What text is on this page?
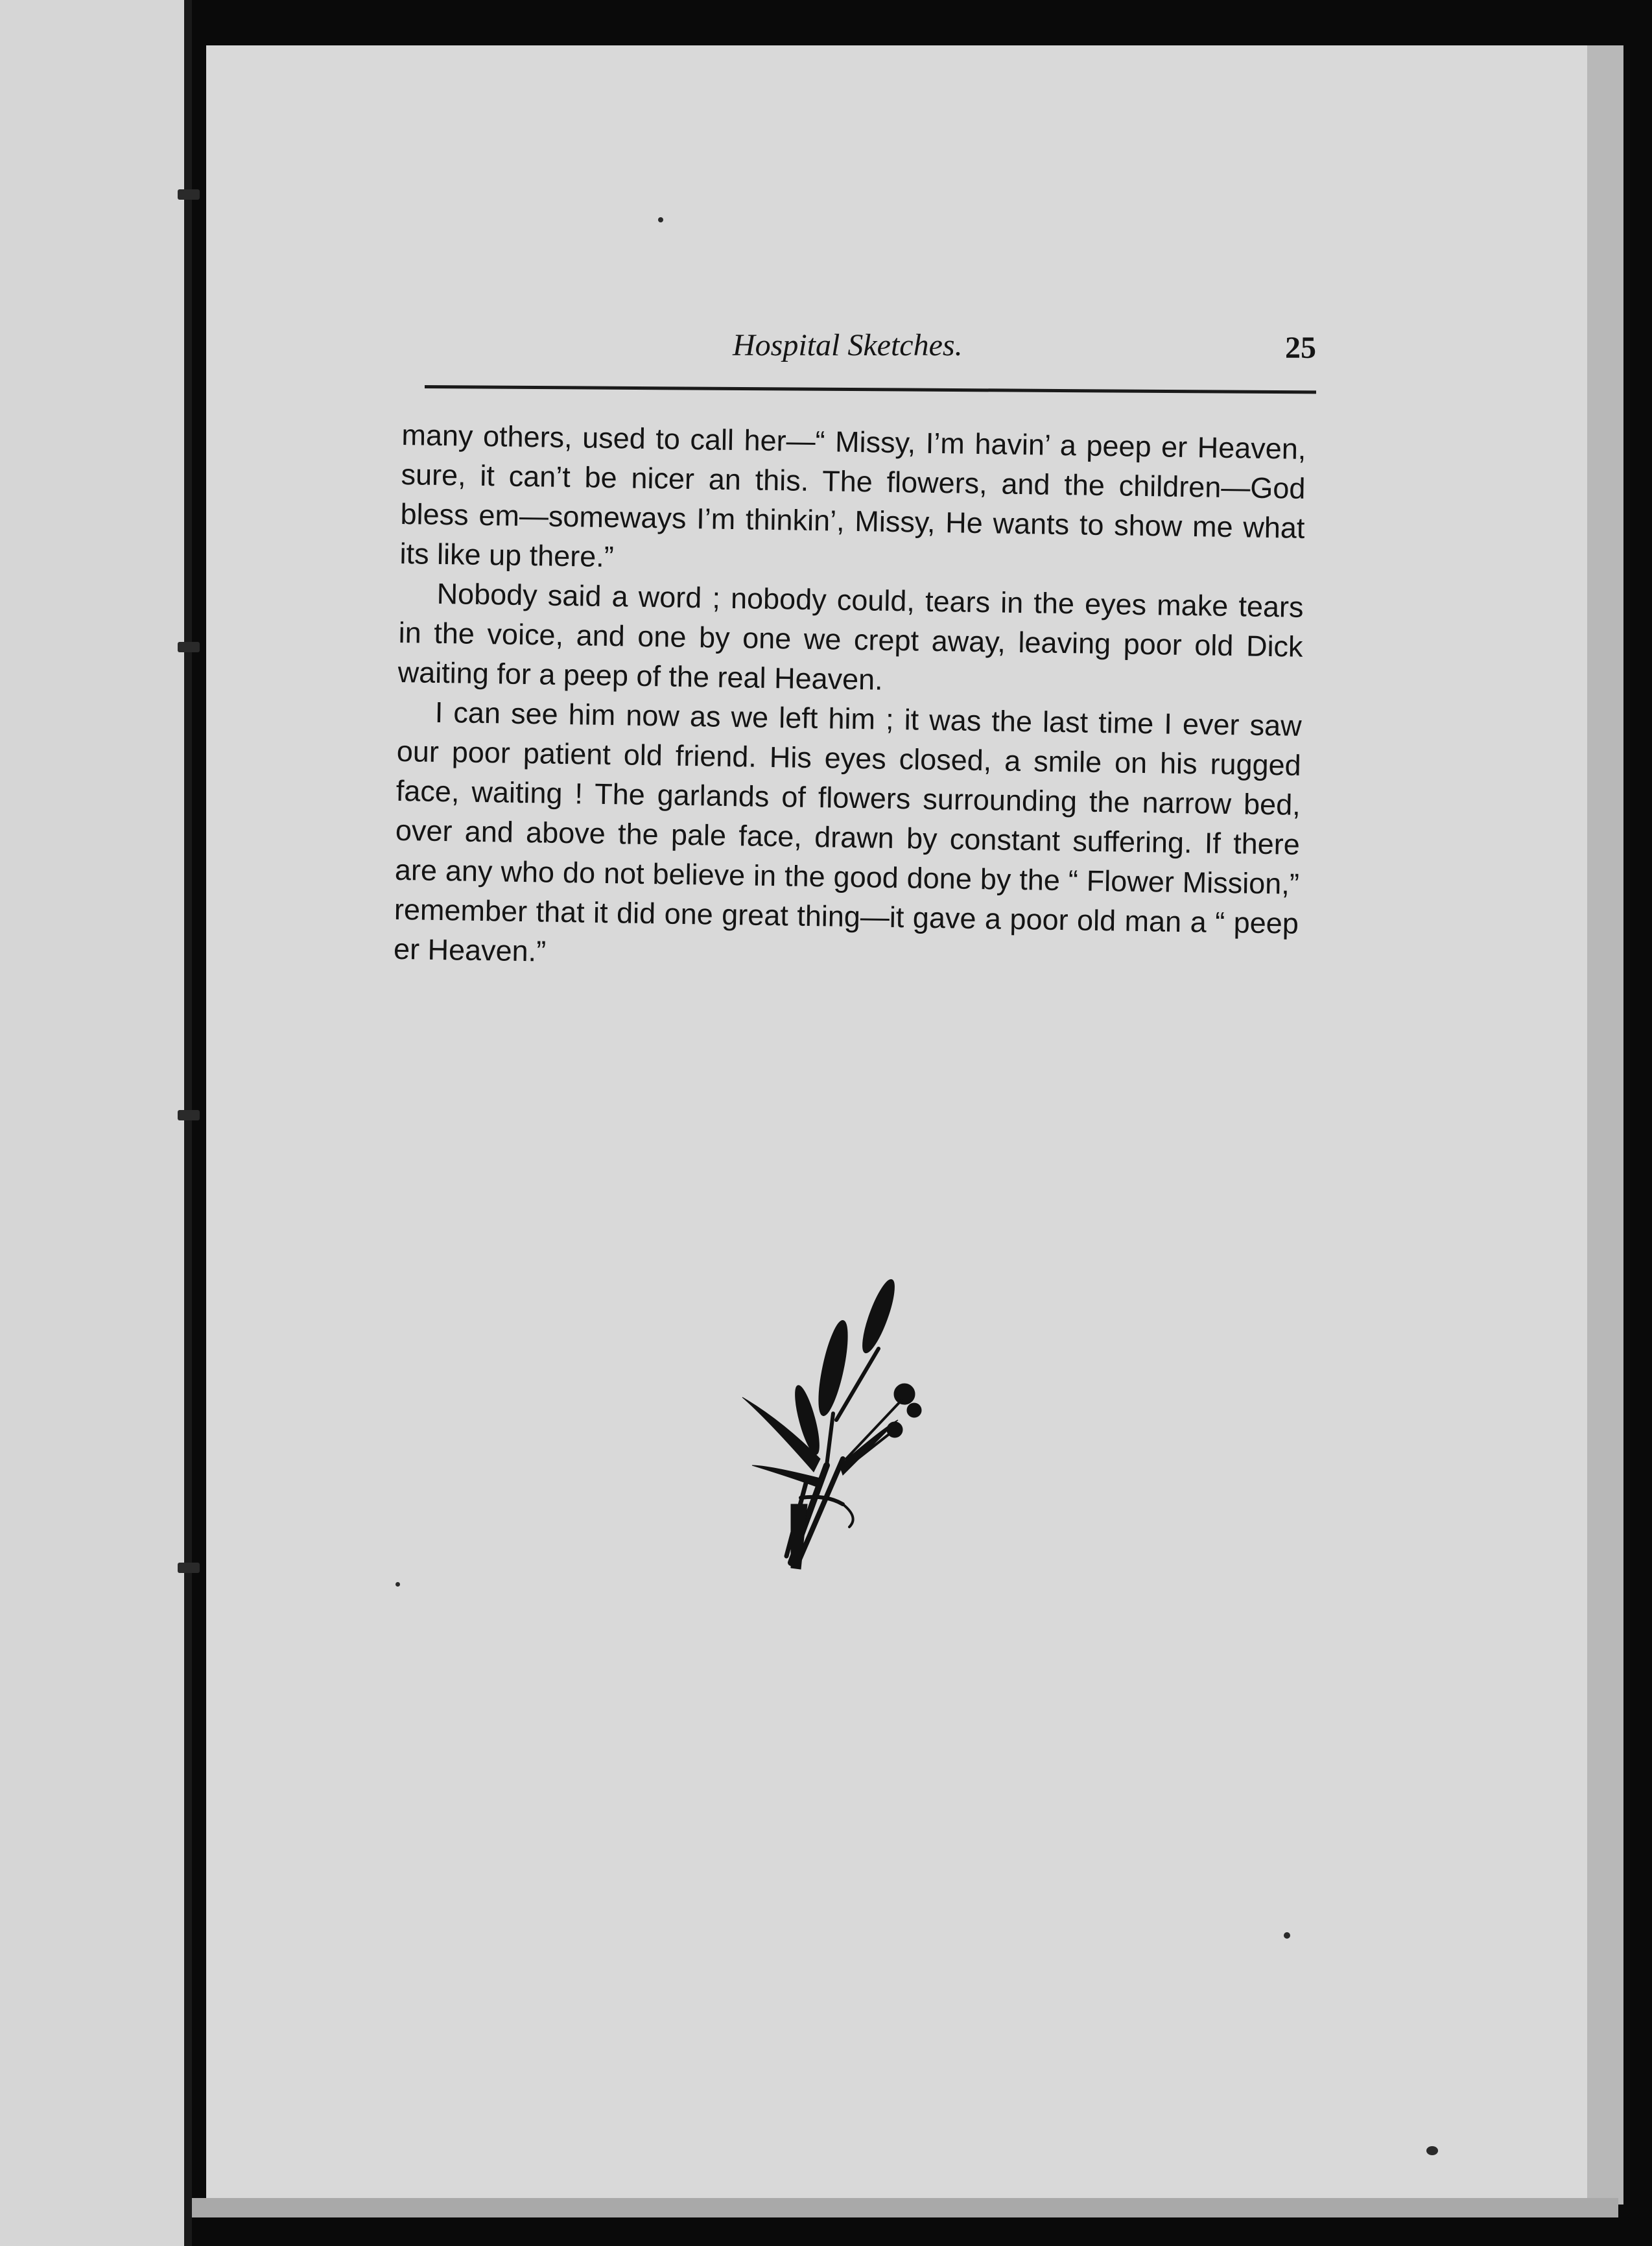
Hospital Sketches.	25

many others, used to call her—“ Missy, I’m havin’ a peep er Heaven, sure, it can’t be nicer an this. The flowers, and the children—God bless em—someways I’m thinkin’, Missy, He wants to show me what its like up there.”

Nobody said a word ; nobody could, tears in the eyes make tears in the voice, and one by one we crept away, leaving poor old Dick waiting for a peep of the real Heaven.

I can see him now as we left him ; it was the last time I ever saw our poor patient old friend. His eyes closed, a smile on his rugged face, waiting ! The garlands of flowers surrounding the narrow bed, over and above the pale face, drawn by constant suffering. If there are any who do not believe in the good done by the “ Flower Mission,” remember that it did one great thing—it gave a poor old man a “ peep er Heaven.”
